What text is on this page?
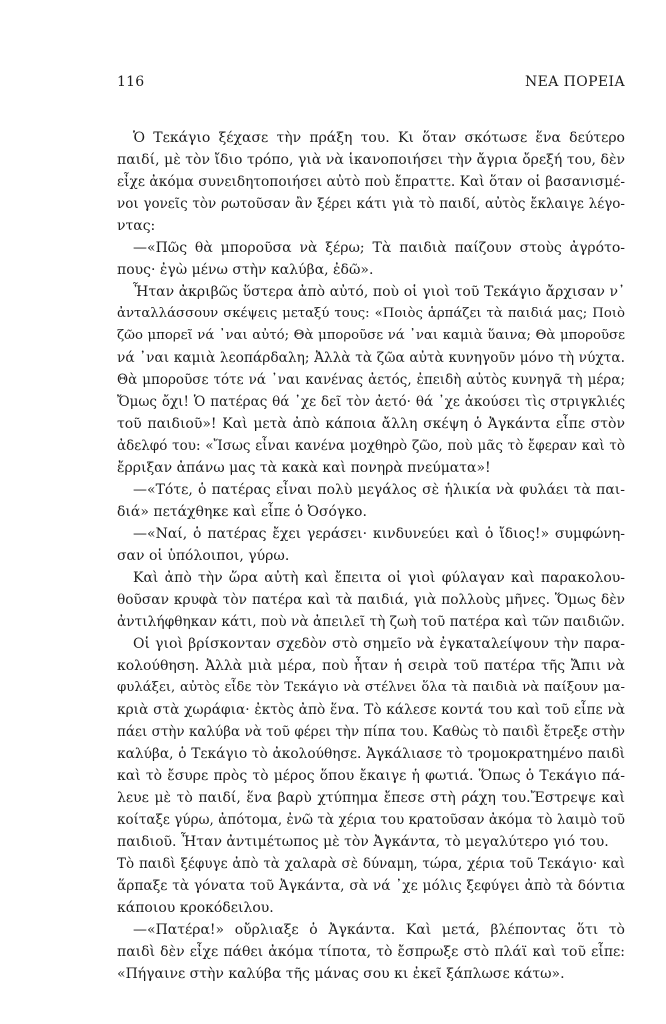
116	ΝΕΑ ΠΟΡΕΙΑ
Ὁ Τεκάγιο ξέχασε τὴν πράξη του. Κι ὅταν σκότωσε ἕνα δεύτερο
παιδί, μὲ τὸν ἴδιο τρόπο, γιὰ νὰ ἱκανοποιήσει τὴν ἄγρια ὄρεξή του, δὲν
εἶχε ἀκόμα συνειδητοποιήσει αὐτὸ ποὺ ἔπραττε. Καὶ ὅταν οἱ βασανισμέ-
νοι γονεῖς τὸν ρωτοῦσαν ἂν ξέρει κάτι γιὰ τὸ παιδί, αὐτὸς ἔκλαιγε λέγο-
ντας:
—«Πῶς θὰ μποροῦσα νὰ ξέρω; Τὰ παιδιὰ παίζουν στοὺς ἀγρότο-
πους· ἐγὼ μένω στὴν καλύβα, ἐδῶ».
Ἦταν ἀκριβῶς ὕστερα ἀπὸ αὐτό, ποὺ οἱ γιοὶ τοῦ Τεκάγιο ἄρχισαν ν᾽
ἀνταλλάσσουν σκέψεις μεταξύ τους: «Ποιὸς ἁρπάζει τὰ παιδιά μας; Ποιὸ
ζῶο μπορεῖ νά ᾽ναι αὐτό; Θὰ μποροῦσε νά ᾽ναι καμιὰ ὕαινα; Θὰ μποροῦσε
νά ᾽ναι καμιὰ λεοπάρδαλη; Ἀλλὰ τὰ ζῶα αὐτὰ κυνηγοῦν μόνο τὴ νύχτα.
Θὰ μποροῦσε τότε νά ᾽ναι κανένας ἀετός, ἐπειδὴ αὐτὸς κυνηγᾶ τὴ μέρα;
Ὄμως ὄχι! Ὁ πατέρας θά ᾽χε δεῖ τὸν ἀετό· θά ᾽χε ἀκούσει τὶς στριγκλιές
τοῦ παιδιοῦ»! Καὶ μετὰ ἀπὸ κάποια ἄλλη σκέψη ὁ Ἀγκάντα εἶπε στὸν
ἀδελφό του: «Ἴσως εἶναι κανένα μοχθηρὸ ζῶο, ποὺ μᾶς τὸ ἔφεραν καὶ τὸ
ἔρριξαν ἀπάνω μας τὰ κακὰ καὶ πονηρὰ πνεύματα»!
—«Τότε, ὁ πατέρας εἶναι πολὺ μεγάλος σὲ ἡλικία νὰ φυλάει τὰ παι-
διά» πετάχθηκε καὶ εἶπε ὁ Ὀσόγκο.
—«Ναί, ὁ πατέρας ἔχει γεράσει· κινδυνεύει καὶ ὁ ἴδιος!» συμφώνη-
σαν οἱ ὑπόλοιποι, γύρω.
Καὶ ἀπὸ τὴν ὥρα αὐτὴ καὶ ἔπειτα οἱ γιοὶ φύλαγαν καὶ παρακολου-
θοῦσαν κρυφὰ τὸν πατέρα καὶ τὰ παιδιά, γιὰ πολλοὺς μῆνες. Ὅμως δὲν
ἀντιλήφθηκαν κάτι, ποὺ νὰ ἀπειλεῖ τὴ ζωὴ τοῦ πατέρα καὶ τῶν παιδιῶν.
Οἱ γιοὶ βρίσκονταν σχεδὸν στὸ σημεῖο νὰ ἐγκαταλείψουν τὴν παρα-
κολούθηση. Ἀλλὰ μιὰ μέρα, ποὺ ἦταν ἡ σειρὰ τοῦ πατέρα τῆς Ἄπιι νὰ
φυλάξει, αὐτὸς εἶδε τὸν Τεκάγιο νὰ στέλνει ὅλα τὰ παιδιὰ νὰ παίξουν μα-
κριὰ στὰ χωράφια· ἐκτὸς ἀπὸ ἕνα. Τὸ κάλεσε κοντά του καὶ τοῦ εἶπε νὰ
πάει στὴν καλύβα νὰ τοῦ φέρει τὴν πίπα του. Καθὼς τὸ παιδὶ ἔτρεξε στὴν
καλύβα, ὁ Τεκάγιο τὸ ἀκολούθησε. Ἀγκάλιασε τὸ τρομοκρατημένο παιδὶ
καὶ τὸ ἔσυρε πρὸς τὸ μέρος ὅπου ἔκαιγε ἡ φωτιά. Ὅπως ὁ Τεκάγιο πά-
λευε μὲ τὸ παιδί, ἕνα βαρὺ χτύπημα ἔπεσε στὴ ράχη του.Ἔστρεψε καὶ
κοίταξε γύρω, ἀπότομα, ἐνῶ τὰ χέρια του κρατοῦσαν ἀκόμα τὸ λαιμὸ τοῦ
παιδιοῦ. Ἦταν ἀντιμέτωπος μὲ τὸν Ἀγκάντα, τὸ μεγαλύτερο γιό του.
Τὸ παιδὶ ξέφυγε ἀπὸ τὰ χαλαρὰ σὲ δύναμη, τώρα, χέρια τοῦ Τεκάγιο· καὶ
ἅρπαξε τὰ γόνατα τοῦ Ἀγκάντα, σὰ νά ᾽χε μόλις ξεφύγει ἀπὸ τὰ δόντια
κάποιου κροκόδειλου.
—«Πατέρα!» οὔρλιαξε ὁ Ἀγκάντα. Καὶ μετά, βλέποντας ὅτι τὸ
παιδὶ δὲν εἶχε πάθει ἀκόμα τίποτα, τὸ ἔσπρωξε στὸ πλάϊ καὶ τοῦ εἶπε:
«Πήγαινε στὴν καλύβα τῆς μάνας σου κι ἐκεῖ ξάπλωσε κάτω».
